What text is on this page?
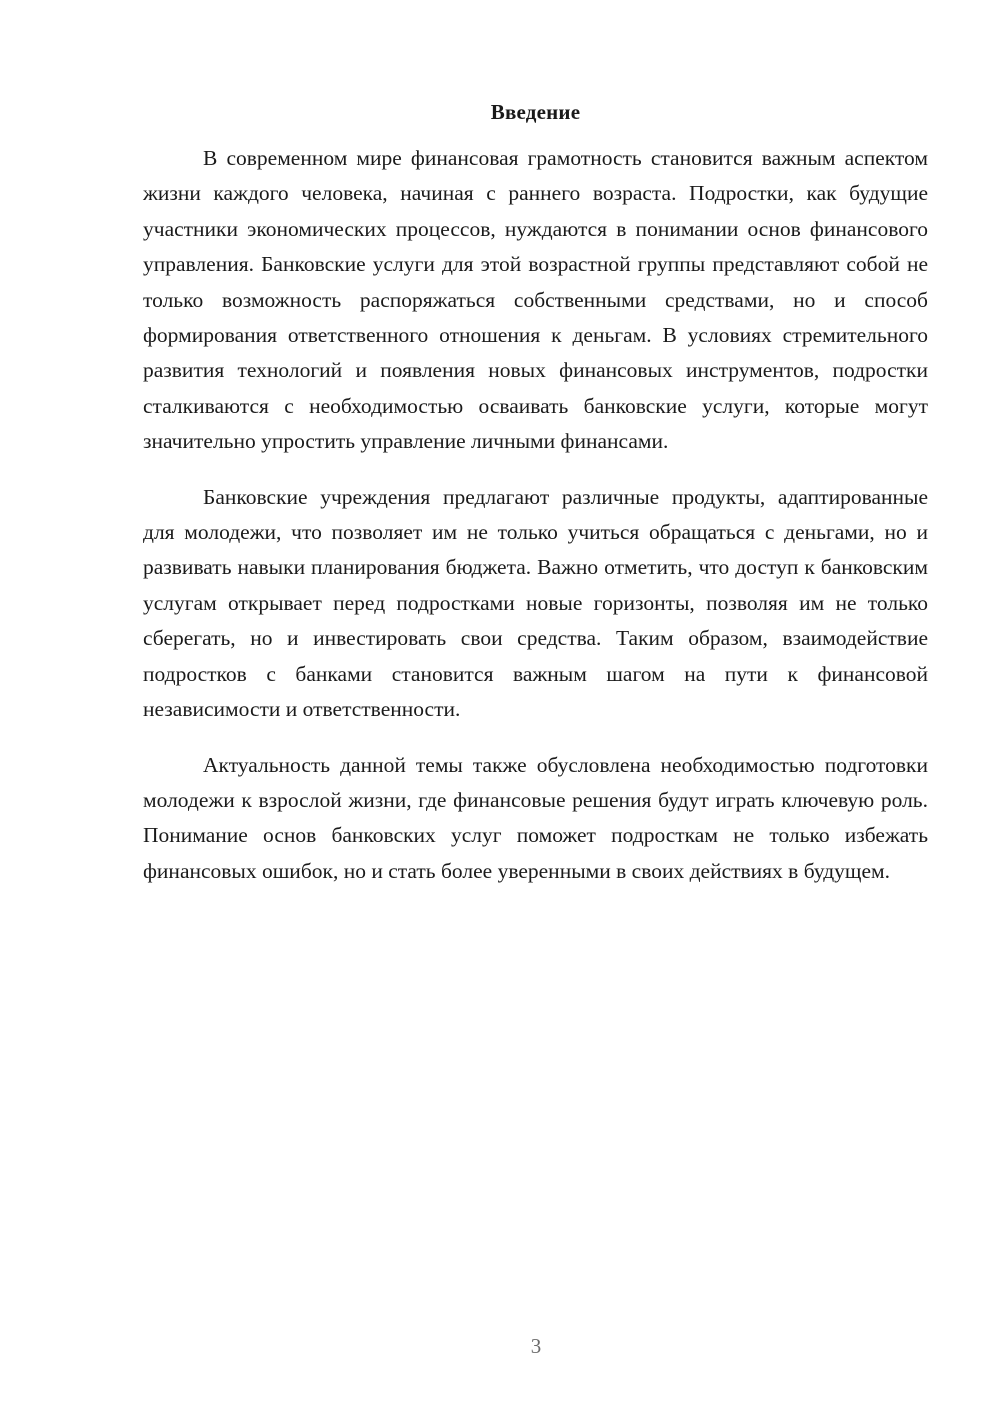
Введение

В современном мире финансовая грамотность становится важным аспектом жизни каждого человека, начиная с раннего возраста. Подростки, как будущие участники экономических процессов, нуждаются в понимании основ финансового управления. Банковские услуги для этой возрастной группы представляют собой не только возможность распоряжаться собственными средствами, но и способ формирования ответственного отношения к деньгам. В условиях стремительного развития технологий и появления новых финансовых инструментов, подростки сталкиваются с необходимостью осваивать банковские услуги, которые могут значительно упростить управление личными финансами.

Банковские учреждения предлагают различные продукты, адаптированные для молодежи, что позволяет им не только учиться обращаться с деньгами, но и развивать навыки планирования бюджета. Важно отметить, что доступ к банковским услугам открывает перед подростками новые горизонты, позволяя им не только сберегать, но и инвестировать свои средства. Таким образом, взаимодействие подростков с банками становится важным шагом на пути к финансовой независимости и ответственности.

Актуальность данной темы также обусловлена необходимостью подготовки молодежи к взрослой жизни, где финансовые решения будут играть ключевую роль. Понимание основ банковских услуг поможет подросткам не только избежать финансовых ошибок, но и стать более уверенными в своих действиях в будущем.

3
